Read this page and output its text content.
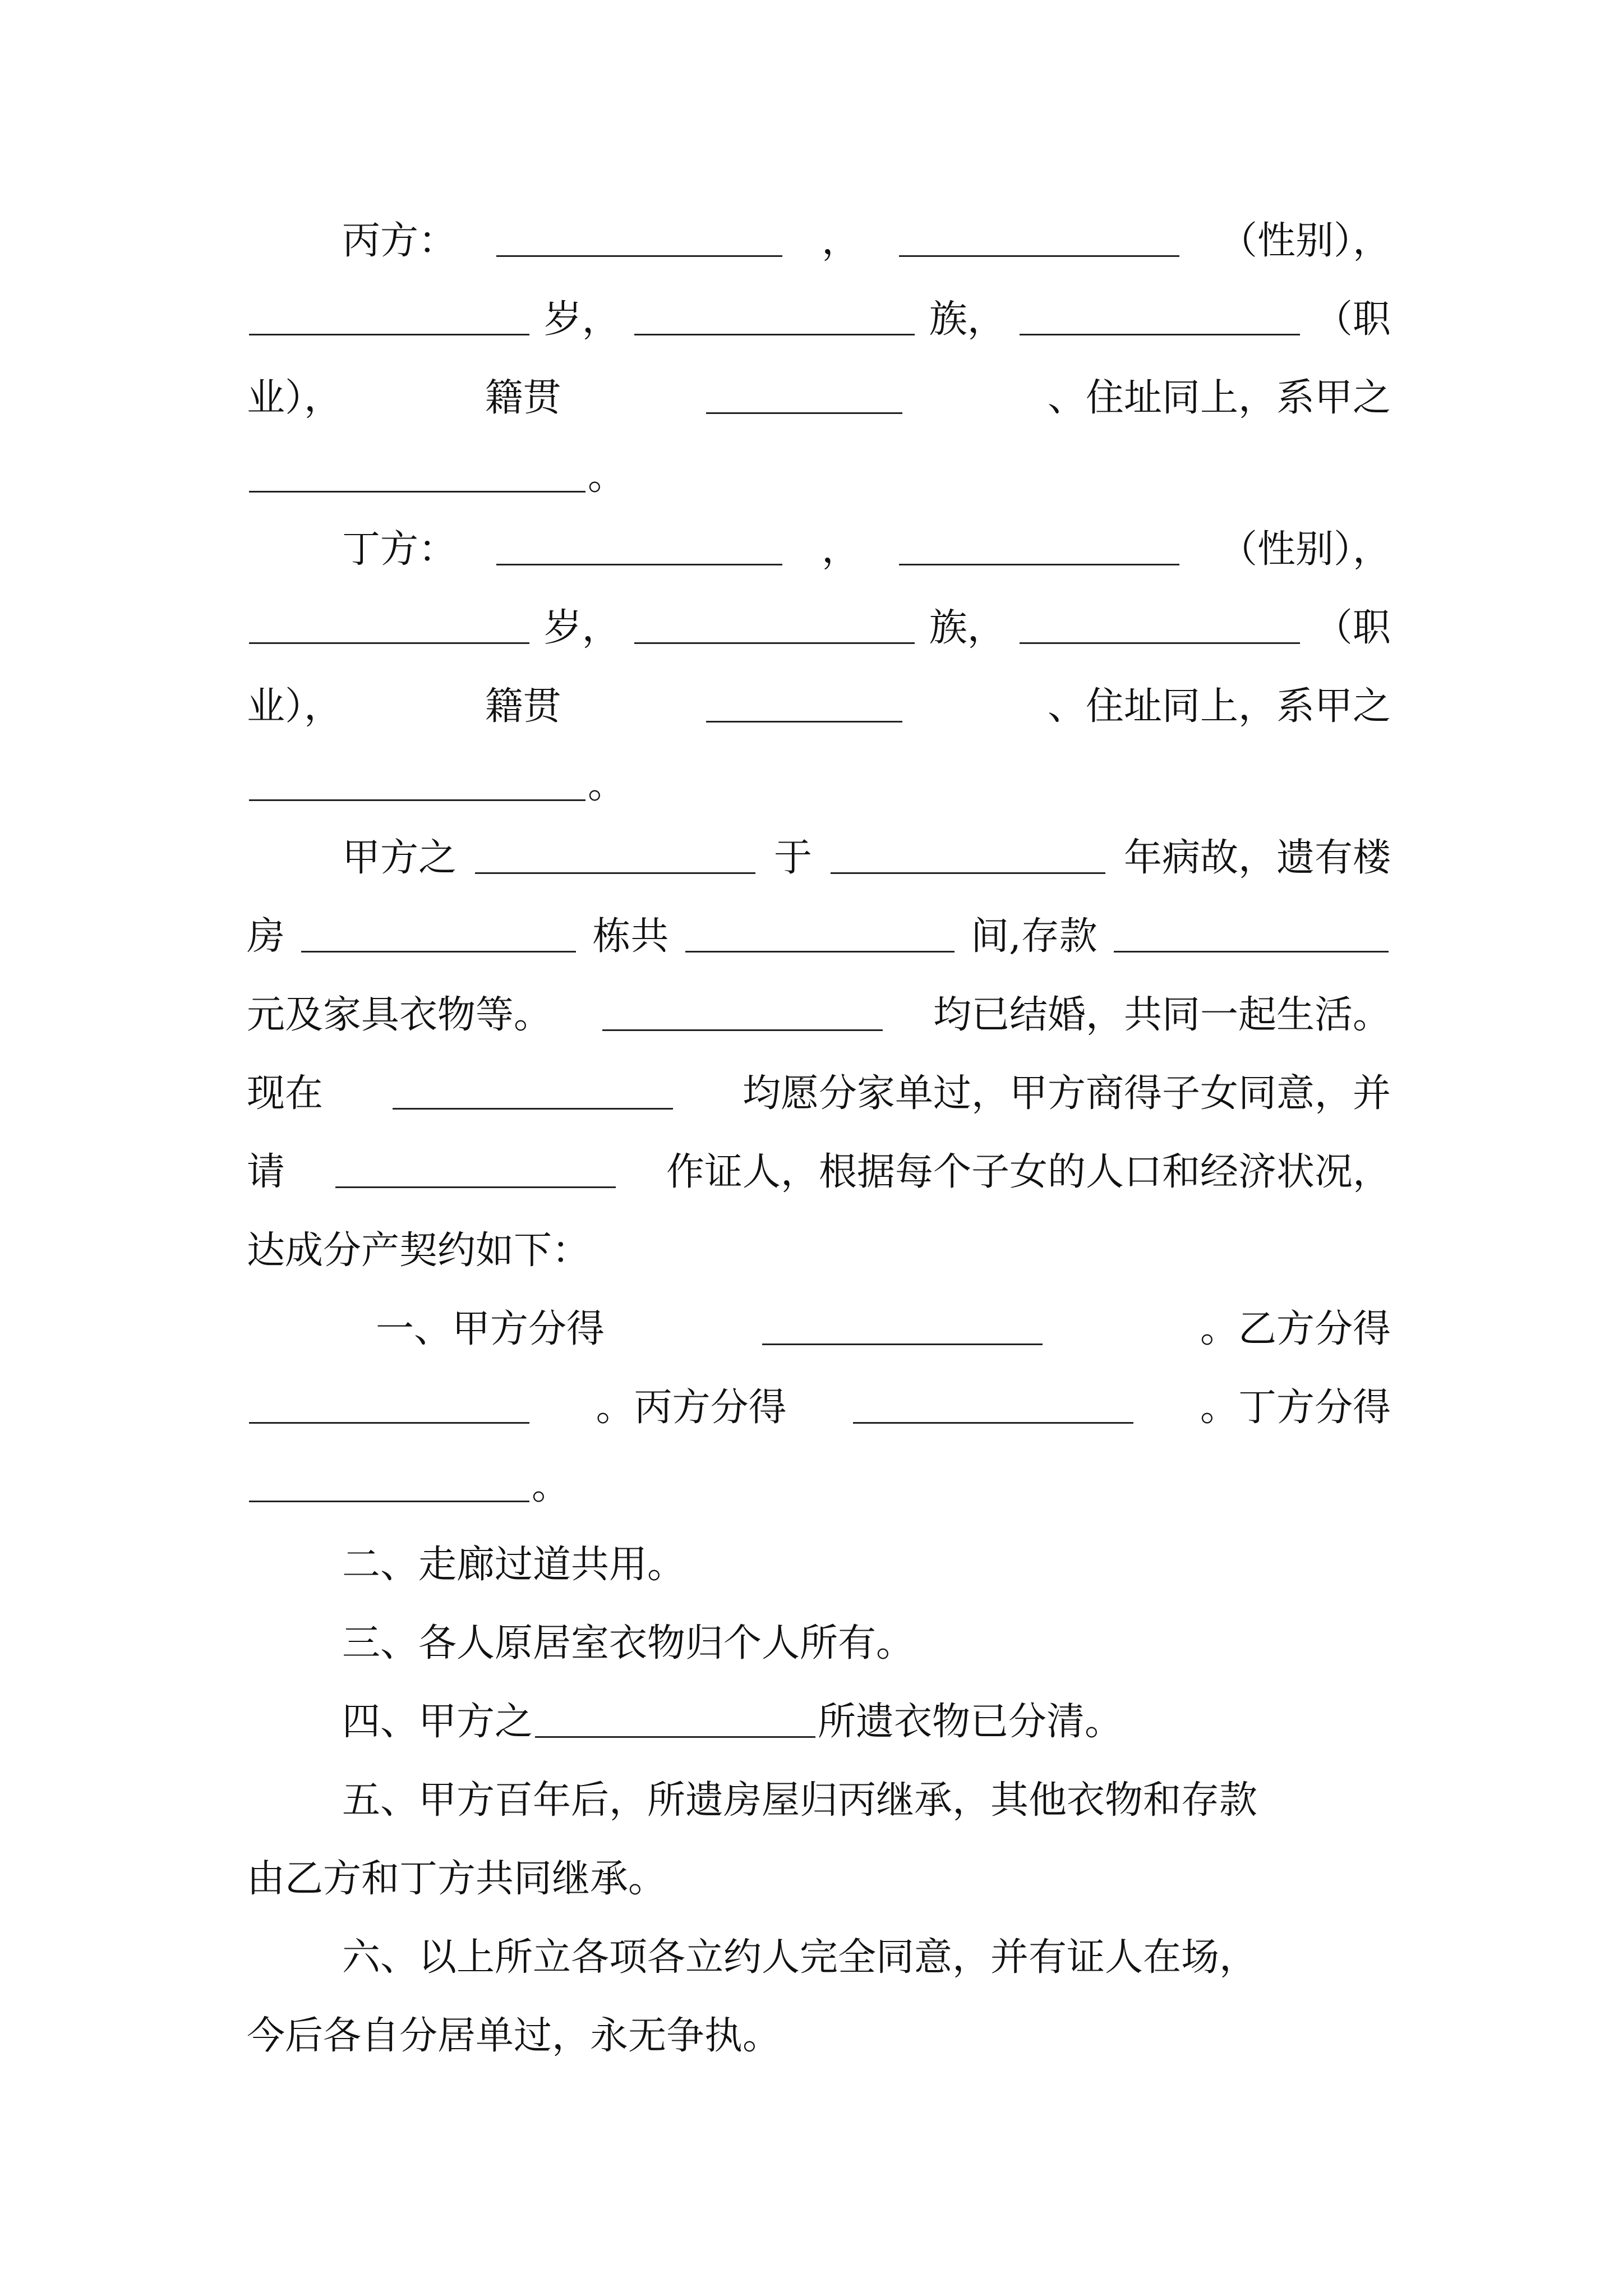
丙方：	，	（性别），
岁，	族，	（职
业），	籍贯	、住址同上，系甲之
。
丁方：	，	（性别），
岁，	族，	（职
业），	籍贯	、住址同上，系甲之
。
甲方之	于	年病故，遗有楼
房	栋共	间,存款
元及家具衣物等。	均已结婚，共同一起生活。
现在	均愿分家单过，甲方商得子女同意，并
请	作证人，根据每个子女的人口和经济状况，
达成分产契约如下：
一、甲方分得	。乙方分得
。丙方分得	。丁方分得
。
二、走廊过道共用。
三、各人原居室衣物归个人所有。
四、甲方之	所遗衣物已分清。
五、甲方百年后，所遗房屋归丙继承，其他衣物和存款
由乙方和丁方共同继承。
六、以上所立各项各立约人完全同意，并有证人在场，
今后各自分居单过，永无争执。
